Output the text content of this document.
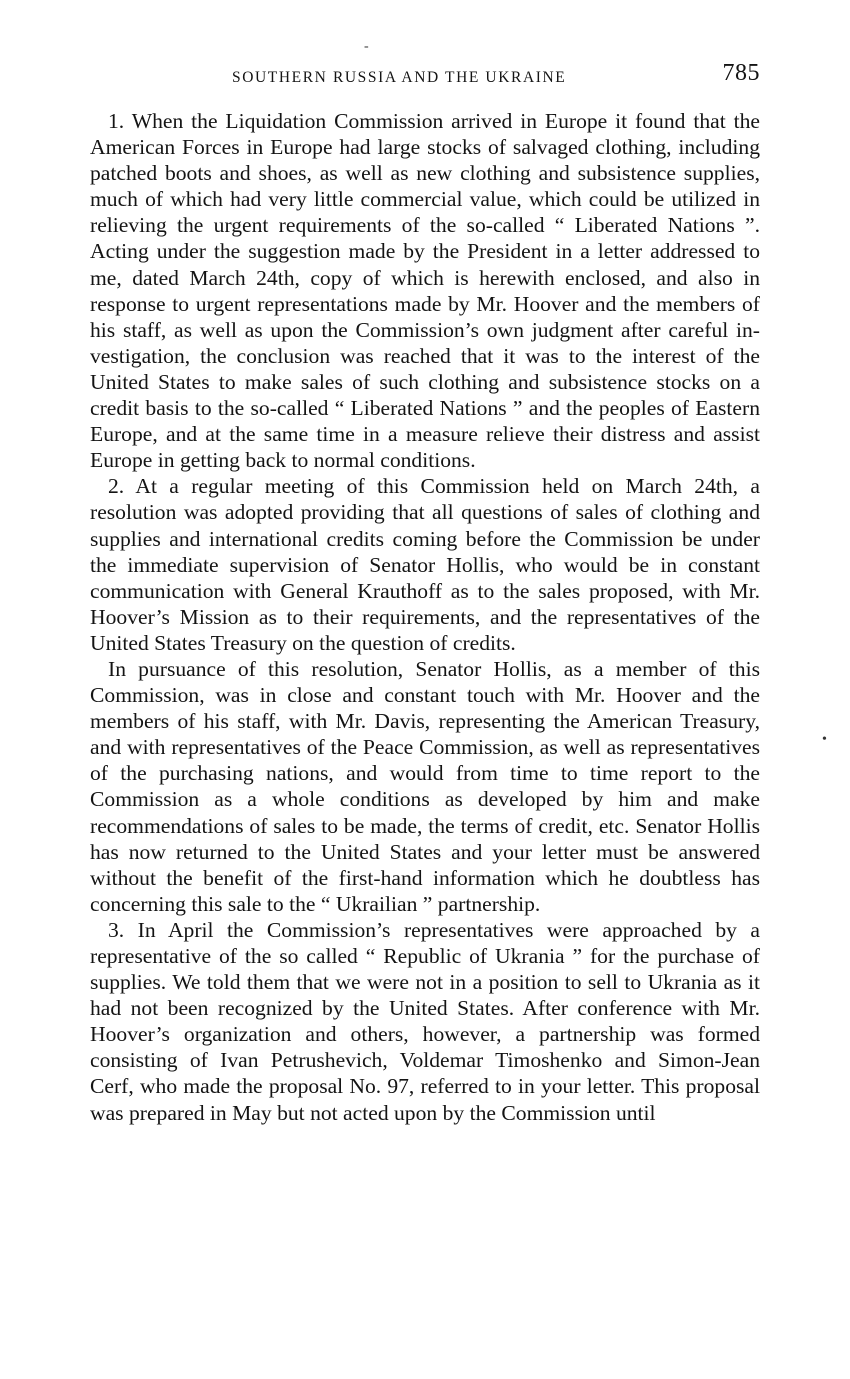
-
•
SOUTHERN RUSSIA AND THE UKRAINE	785

1. When the Liquidation Commission arrived in Europe it found that the American Forces in Europe had large stocks of salvaged clothing, including patched boots and shoes, as well as new clothing and subsistence supplies, much of which had very little commercial value, which could be utilized in relieving the urgent requirements of the so-called “ Liberated Nations ”. Acting under the suggestion made by the President in a letter addressed to me, dated March 24th, copy of which is herewith enclosed, and also in response to urgent representations made by Mr. Hoover and the members of his staff, as well as upon the Commission’s own judgment after careful investigation, the conclusion was reached that it was to the interest of the United States to make sales of such clothing and subsistence stocks on a credit basis to the so-called “ Liberated Nations ” and the peoples of Eastern Europe, and at the same time in a measure relieve their distress and assist Europe in getting back to normal conditions.

2. At a regular meeting of this Commission held on March 24th, a resolution was adopted providing that all questions of sales of clothing and supplies and international credits coming before the Commission be under the immediate supervision of Senator Hollis, who would be in constant communication with General Krauthoff as to the sales proposed, with Mr. Hoover’s Mission as to their requirements, and the representatives of the United States Treasury on the question of credits.

In pursuance of this resolution, Senator Hollis, as a member of this Commission, was in close and constant touch with Mr. Hoover and the members of his staff, with Mr. Davis, representing the American Treasury, and with representatives of the Peace Commission, as well as representatives of the purchasing nations, and would from time to time report to the Commission as a whole conditions as developed by him and make recommendations of sales to be made, the terms of credit, etc. Senator Hollis has now returned to the United States and your letter must be answered without the benefit of the first-hand information which he doubtless has concerning this sale to the “ Ukrailian ” partnership.

3. In April the Commission’s representatives were approached by a representative of the so called “ Republic of Ukrania ” for the purchase of supplies. We told them that we were not in a position to sell to Ukrania as it had not been recognized by the United States. After conference with Mr. Hoover’s organization and others, however, a partnership was formed consisting of Ivan Petrushevich, Voldemar Timoshenko and Simon-Jean Cerf, who made the proposal No. 97, referred to in your letter. This proposal was prepared in May but not acted upon by the Commission until
